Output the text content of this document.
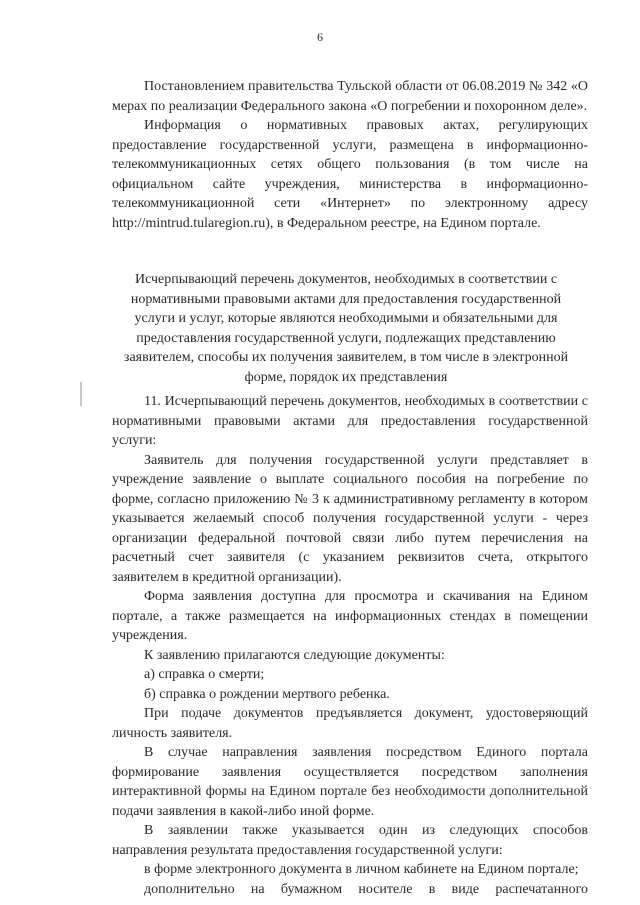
6

Постановлением правительства Тульской области от 06.08.2019 № 342 «О мерах по реализации Федерального закона «О погребении и похоронном деле».

Информация о нормативных правовых актах, регулирующих предоставление государственной услуги, размещена в информационно-телекоммуникационных сетях общего пользования (в том числе на официальном сайте учреждения, министерства в информационно-телекоммуникационной сети «Интернет» по электронному адресу http://mintrud.tularegion.ru), в Федеральном реестре, на Едином портале.

Исчерпывающий перечень документов, необходимых в соответствии с
нормативными правовыми актами для предоставления государственной
услуги и услуг, которые являются необходимыми и обязательными для
предоставления государственной услуги, подлежащих представлению
заявителем, способы их получения заявителем, в том числе в электронной
форме, порядок их представления

11. Исчерпывающий перечень документов, необходимых в соответствии с нормативными правовыми актами для предоставления государственной услуги:

Заявитель для получения государственной услуги представляет в учреждение заявление о выплате социального пособия на погребение по форме, согласно приложению № 3 к административному регламенту в котором указывается желаемый способ получения государственной услуги - через организации федеральной почтовой связи либо путем перечисления на расчетный счет заявителя (с указанием реквизитов счета, открытого заявителем в кредитной организации).

Форма заявления доступна для просмотра и скачивания на Едином портале, а также размещается на информационных стендах в помещении учреждения.

К заявлению прилагаются следующие документы:

а) справка о смерти;

б) справка о рождении мертвого ребенка.

При подаче документов предъявляется документ, удостоверяющий личность заявителя.

В случае направления заявления посредством Единого портала формирование заявления осуществляется посредством заполнения интерактивной формы на Едином портале без необходимости дополнительной подачи заявления в какой-либо иной форме.

В заявлении также указывается один из следующих способов направления результата предоставления государственной услуги:

в форме электронного документа в личном кабинете на Едином портале;

дополнительно на бумажном носителе в виде распечатанного
